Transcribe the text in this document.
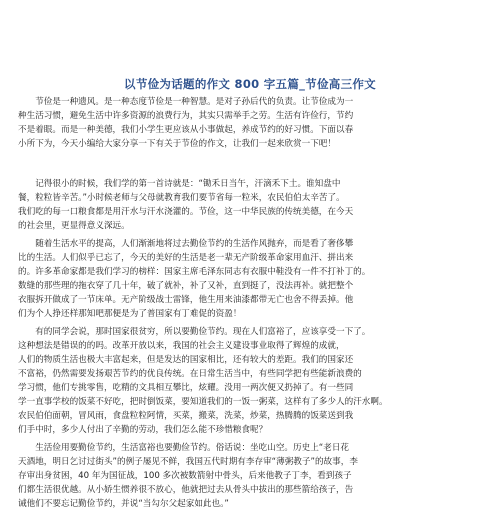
以节俭为话题的作文 800 字五篇_节俭高三作文
　　节俭是一种遗风。是一种态度节俭是一种智慧。是对子孙后代的负责。让节俭成为一
种生活习惯，避免生活中许多资源的浪费行为，其实只需举手之劳。生活有许俭行，节约
不是着眼。而是一种美德，我们小学生更应该从小事做起，养成节约的好习惯。下面以春
小所下为，今天小编给大家分享一下有关于节俭的作文，让我们一起来欣赏一下吧！
　　记得很小的时候，我们学的第一首诗就是：“锄禾日当午，汗滴禾下土。谁知盘中
餐，粒粒皆辛苦。”小时候老师与父母就教育我们要节省每一粒米，农民伯伯太辛苦了。
我们吃的每一口粮食都是用汗水与汗水浇灌的。节俭，这一中华民族的传统美德，在今天
的社会里，更显得意义深远。
　　随着生活水平的提高，人们渐渐地将过去勤俭节约的生活作风抛弃，而是看了奢侈攀
比的生活。人们似乎已忘了，今天的美好的生活是老一辈无产阶级革命家用血汗、拼出来
的。许多革命家都是我们学习的榜样：国家主席毛泽东同志有衣服中鞋没有一件不打补丁的。
数缝的那些理的拖衣穿了几十年，破了就补，补了又补，直到挺了，没法再补。就把整个
衣服拆开做成了一节床单。无产阶级战士雷锋，他生用来油漆都带无亡也舍不得丢掉。他
们为个人挣还样那知吧那便是为了普国家有丁难促的资盈！
　　有的同学会说，那时国家很贫穷，所以要勤俭节约。现在人们富裕了，应该享受一下了。
这种想法是错误的的吗。改革开放以来，我国的社会主义建设事业取得了辉煌的成就，
人们的物质生活也极大丰富起来，但是发达的国家相比，还有较大的差距。我们的国家还
不富裕，仍然需要发扬艰苦节约的优良传统。在日常生活当中，有些同学把有些能新浪费的
学习惯，他们专挑零售，吃精的文具相互攀比，炫耀。没用一两次便又扔掉了。有一些同
学一直事学校的饭菜不好吃，把时倒饭菜，要知道我们的一饭一粥菜，这样有了多少人的汗水啊。
农民伯伯面朝，冒风雨，食盘粒粒阿情，买菜，搬菜，洗菜，炒菜，热腾腾的饭菜送到我
们手中时，多少人付出了辛勤的劳动，我们怎么能不珍惜粮食呢？
　　生活俭用要勤俭节约，生活富裕也要勤俭节约。俗话说：坐吃山空。历史上“老日花
天酒地，明日乞讨过街头”的例子屡见不鲜，我国五代时期有李存审“薄粥教子”的故事，李
存审出身贫困，40 年为国征战，100 多次被数箭射中骨头，后来他教子丁李，看到孩子
们都生活很优越。从小娇生惯养很不放心，他就把过去从骨头中拔出的那些箭给孩子，告
诫他们不要忘记勤俭节约，并说“当勾尔父起家如此也。”
